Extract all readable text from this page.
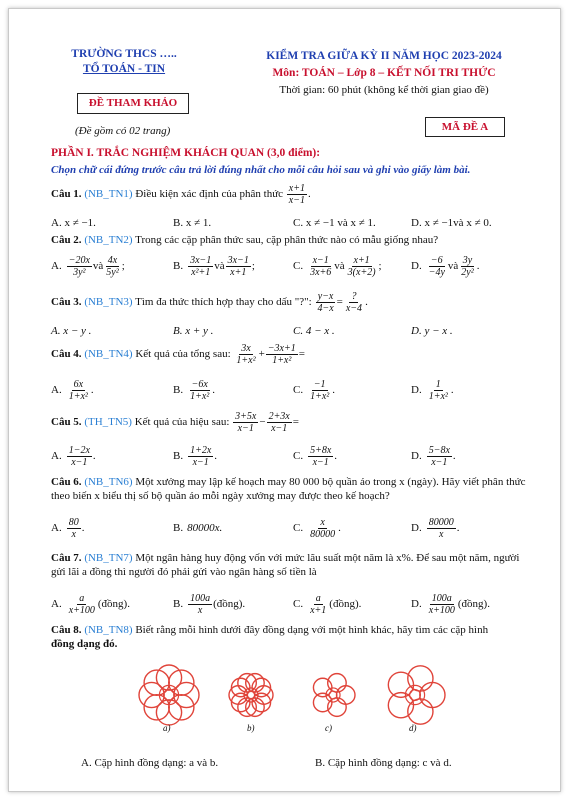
TRƯỜNG THCS …..
TỔ TOÁN - TIN
ĐỀ THAM KHẢO
(Đề gồm có 02 trang)
KIỂM TRA GIỮA KỲ II NĂM HỌC 2023-2024
Môn: TOÁN – Lớp 8 – KẾT NỐI TRI THỨC
Thời gian: 60 phút (không kể thời gian giao đề)
MÃ ĐỀ A
PHẦN I. TRẮC NGHIỆM KHÁCH QUAN (3,0 điểm):
Chọn chữ cái đứng trước câu trả lời đúng nhất cho mỗi câu hỏi sau và ghi vào giấy làm bài.
Câu 1. (NB_TN1) Điều kiện xác định của phân thức $\frac{x+1}{x-1}$ .
A. x ≠ −1.	B. x ≠ 1.	C. x ≠ −1 và x ≠ 1.	D. x ≠ −1và x ≠ 0.
Câu 2. (NB_TN2) Trong các cặp phân thức sau, cặp phân thức nào có mẫu giống nhau?
A. $\frac{-20x}{\text{3y²}}$ và $\frac{4x}{\text{5y²}}$ ;	B. $\frac{3x-1}{\text{x²+1}}$ và $\frac{3x-1}{x+1}$ ;	C. $\frac{x-1}{3x+6}$ và $\frac{x+1}{3(x+2)}$ ;	D. $\frac{-6}{-4y}$ và $\frac{3y}{\text{2y²}}$ .
Câu 3. (NB_TN3) Tìm đa thức thích hợp thay cho dấu "?": $\frac{y-x}{4-x} = \frac{?}{x-4}$ .
A. x − y .	B. x + y .	C. 4 − x .	D. y − x .
Câu 4. (NB_TN4) Kết quả của tổng sau: $\frac{3x}{\text{1+x²}} + \frac{-3x+1}{\text{1+x²}}$ =
A. $\frac{6x}{\text{1+x²}}$ .	B. $\frac{-6x}{\text{1+x²}}$ .	C. $\frac{-1}{\text{1+x²}}$ .	D. $\frac{1}{\text{1+x²}}$ .
Câu 5. (TH_TN5) Kết quả của hiệu sau: $\frac{3+5x}{x-1} - \frac{2+3x}{x-1}$ =
A. $\frac{1-2x}{x-1}$ .	B. $\frac{1+2x}{x-1}$ .	C. $\frac{5+8x}{x-1}$ .	D. $\frac{5-8x}{x-1}$ .
Câu 6. (NB_TN6) Một xưởng may lập kế hoạch may 80 000 bộ quần áo trong x (ngày). Hãy viết phân thức theo biến x biểu thị số bộ quần áo mỗi ngày xưởng may được theo kế hoạch?
A. $\frac{80}{x}$ .	B. 80000x.	C. $\frac{x}{80000}$ .	D. $\frac{80000}{x}$ .
Câu 7. (NB_TN7) Một ngân hàng huy động vốn với mức lãu suất một năm là x%. Để sau một năm, người gửi lãi a đồng thì người đó phải gửi vào ngân hàng số tiền là
A. $\frac{a}{x+100}$ (đồng).	B. $\frac{100a}{x}$ (đồng).	C. $\frac{a}{x+1}$ (đồng).	D. $\frac{100a}{x+100}$ (đồng).
Câu 8. (NB_TN8) Biết rằng mỗi hình dưới đây đồng dạng với một hình khác, hãy tìm các cặp hình
đồng dạng đó.
a)	b)	c)	d)
A. Cặp hình đồng dạng: a và b.	B. Cặp hình đồng dạng: c và d.
